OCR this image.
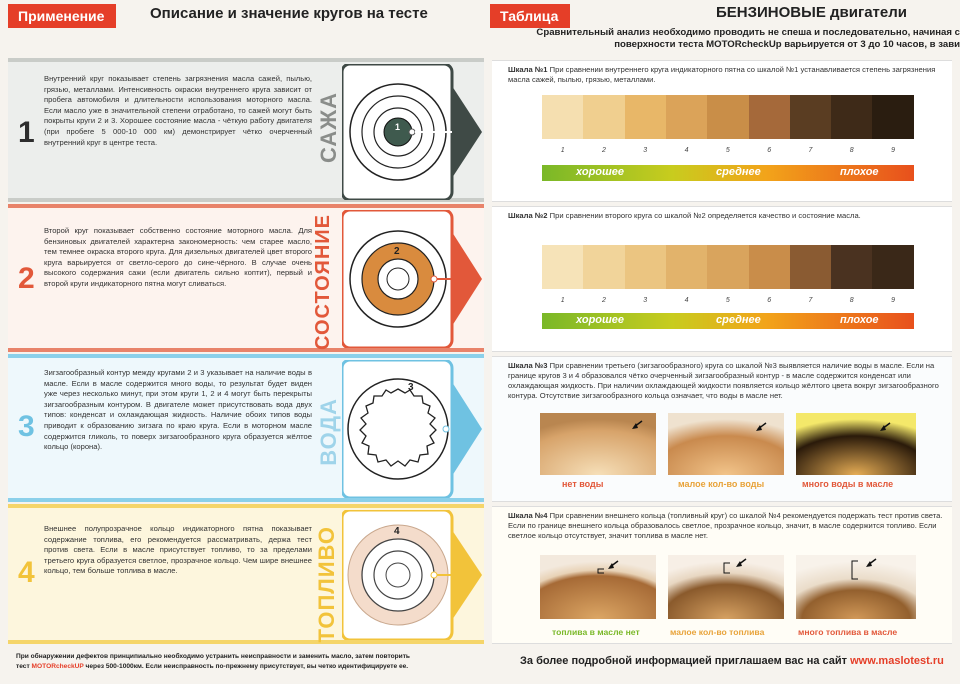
Применение	Описание и значение кругов на тесте	Таблица	БЕНЗИНОВЫЕ двигатели
Сравнительный анализ необходимо проводить не спеша и последовательно, начиная с
поверхности теста MOTORcheckUp варьируется от 3 до 10 часов, в зави
1
Внутренний круг показывает степень загрязнения масла сажей, пылью, грязью, металлами. Интенсивность окраски внутреннего круга зависит от пробега автомобиля и длительности использования моторного масла. Если масло уже в значительной степени отработано, то сажей могут быть покрыты круги 2 и 3. Хорошее состояние масла - чёткую работу двигателя (при пробеге 5 000-10 000 км) демонстрирует чётко очерченный внутренний круг в центре теста.	САЖА	1
2
Второй круг показывает собственно состояние моторного масла. Для бензиновых двигателей характерна закономерность: чем старее масло, тем темнее окраска второго круга. Для дизельных двигателей цвет второго круга варьируется от светло-серого до сине-чёрного. В случае очень высокого содержания сажи (если двигатель сильно коптит), первый и второй круги индикаторного пятна могут сливаться.	СОСТОЯНИЕ	2
3
Зигзагообразный контур между кругами 2 и 3 указывает на наличие воды в масле. Если в масле содержится много воды, то результат будет виден уже через несколько минут, при этом круги 1, 2 и 4 могут быть перекрыты зигзагообразным контуром. В двигателе может присутствовать вода двух типов: конденсат и охлаждающая жидкость. Наличие обоих типов воды приводит к образованию зигзага по краю круга. Если в моторном масле содержится гликоль, то поверх зигзагообразного круга образуется жёлтое кольцо (корона).	ВОДА
3
4
Внешнее полупрозрачное кольцо индикаторного пятна показывает содержание топлива, его рекомендуется рассматривать, держа тест против света. Если в масле присутствует топливо, то за пределами третьего круга образуется светлое, прозрачное кольцо. Чем шире внешнее кольцо, тем больше топлива в масле.	ТОПЛИВО	4
Шкала №1 При сравнении внутреннего круга индикаторного пятна со шкалой №1 устанавливается степень загрязнения масла сажей, пылью, грязью, металлами.
1	2	3	4	5	6	7	8	9
хорошее	среднее	плохое
Шкала №2 При сравнении второго круга со шкалой №2 определяется качество и состояние масла.
1	2	3	4	5	6	7	8	9
хорошее	среднее	плохое
Шкала №3 При сравнении третьего (зигзагообразного) круга со шкалой №3 выявляется наличие воды в масле. Если на границе кругов 3 и 4 образовался чётко очерченный зигзагообразный контур - в масле содержится конденсат или охлаждающая жидкость. При наличии охлаждающей жидкости появляется кольцо жёлтого цвета вокруг зигзагообразного контура. Отсутствие зигзагообразного кольца означает, что воды в масле нет.
нет воды	малое кол-во воды	много воды в масле
Шкала №4 При сравнении внешнего кольца (топливный круг) со шкалой №4 рекомендуется подержать тест против света. Если по границе внешнего кольца образовалось светлое, прозрачное кольцо, значит, в масле содержится топливо. Если светлое кольцо отсутствует, значит топлива в масле нет.
топлива в масле нет	малое кол-во топлива	много топлива в масле
При обнаружении дефектов принципиально необходимо устранить неисправности и заменить масло, затем повторить
тест MOTORcheckUP через 500-1000км. Если неисправность по-прежнему присутствует, вы четко идентифицируете ее.	За более подробной информацией приглашаем вас на сайт www.maslotest.ru
